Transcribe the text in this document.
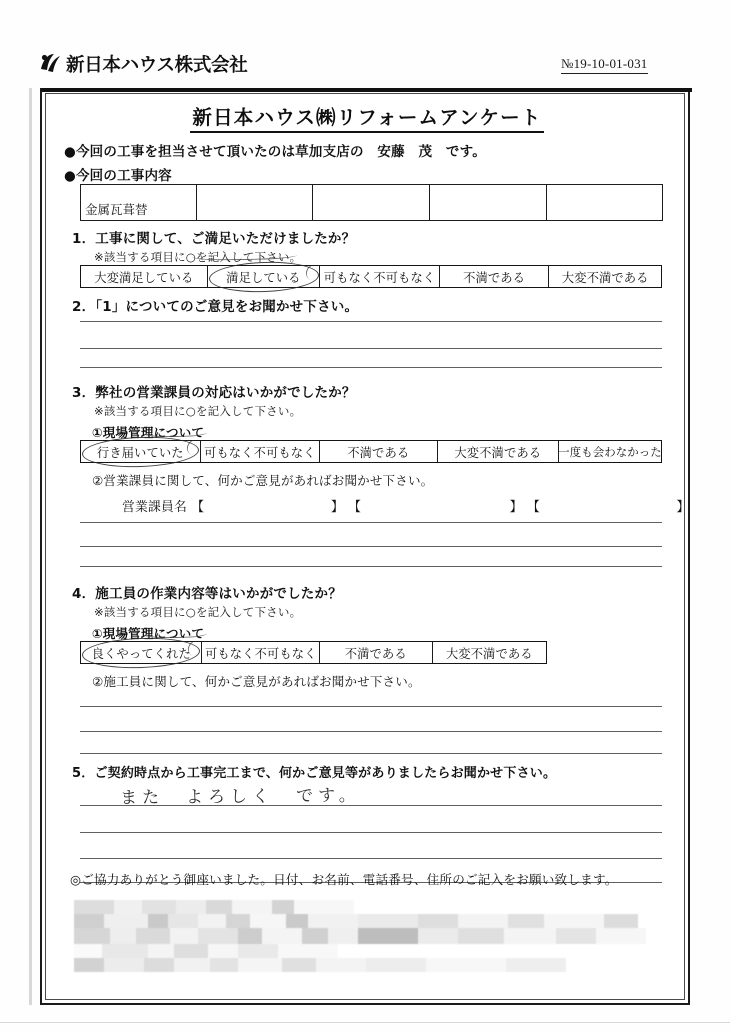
新日本ハウス株式会社	№19-10-01-031
新日本ハウス㈱リフォームアンケート
●今回の工事を担当させて頂いたのは草加支店の　安藤　茂　です。
●今回の工事内容
金属瓦葺替				
1．工事に関して、ご満足いただけましたか？
※該当する項目に○を記入して下さい。
大変満足している	満足している 可もなく不可もなく 不満である	大変不満である
2．「1」についてのご意見をお聞かせ下さい。
3．弊社の営業課員の対応はいかがでしたか？
※該当する項目に○を記入して下さい。
①現場管理について
行き届いていた 可もなく不可もなく	不満である	大変不満である 一度も会わなかった
②営業課員に関して、何かご意見があればお聞かせ下さい。
営業課員名 【	】 【	】 【	】
4．施工員の作業内容等はいかがでしたか？
※該当する項目に○を記入して下さい。
①現場管理について
良くやってくれた 可もなく不可もなく 不満である	大変不満である
②施工員に関して、何かご意見があればお聞かせ下さい。
5．ご契約時点から工事完工まで、何かご意見等がありましたらお聞かせ下さい。
また　よろしく　です。
◎ご協力ありがとう御座いました。日付、お名前、電話番号、住所のご記入をお願い致します。
